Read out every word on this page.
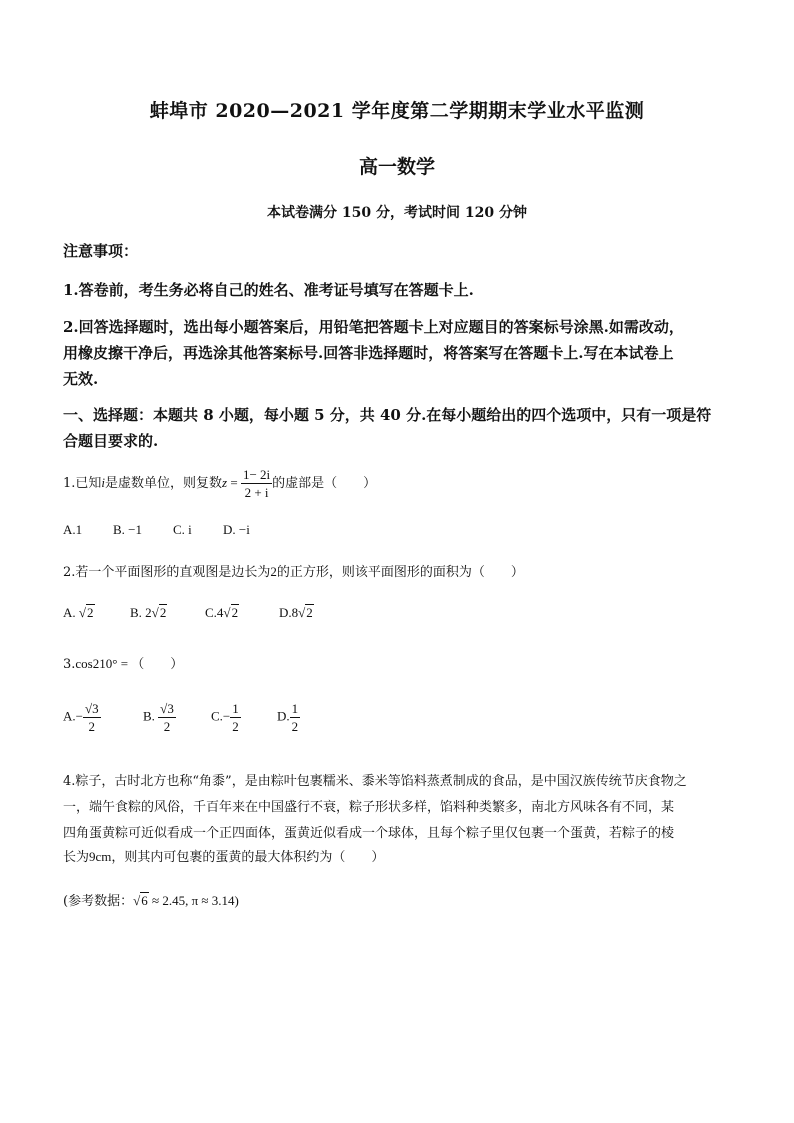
蚌埠市 2020—2021 学年度第二学期期末学业水平监测
高一数学
本试卷满分 150 分，考试时间 120 分钟
注意事项：
1.答卷前，考生务必将自己的姓名、准考证号填写在答题卡上.
2.回答选择题时，选出每小题答案后，用铅笔把答题卡上对应题目的答案标号涂黑.如需改动，
用橡皮擦干净后，再选涂其他答案标号.回答非选择题时，将答案写在答题卡上.写在本试卷上
无效.
一、选择题：本题共 8 小题，每小题 5 分，共 40 分.在每小题给出的四个选项中，只有一项是符
合题目要求的.
1.已知i是虚数单位，则复数$z = \frac{1- 2i}{2 + i}$ 的虚部是（　　）
A.1 B. −1 C. i D. −i
2.若一个平面图形的直观图是边长为2的正方形，则该平面图形的面积为（　　）
A. √2	B. 2√2	C.4√2	D.8√2
3.cos210° = （　　）
$A.- \frac{√3}{2}$	B. $\frac{√3}{2}$	$C.- \frac{1}{2}$	D. $\frac{1}{2}$
4.粽子，古时北方也称“角黍”，是由粽叶包裹糯米、黍米等馅料蒸煮制成的食品，是中国汉族传统节庆食物之
一，端午食粽的风俗，千百年来在中国盛行不衰，粽子形状多样，馅料种类繁多，南北方风味各有不同，某
四角蛋黄粽可近似看成一个正四面体，蛋黄近似看成一个球体，且每个粽子里仅包裹一个蛋黄，若粽子的棱
长为9cm，则其内可包裹的蛋黄的最大体积约为（　　）
(参考数据：√6 ≈ 2.45, π ≈ 3.14)
